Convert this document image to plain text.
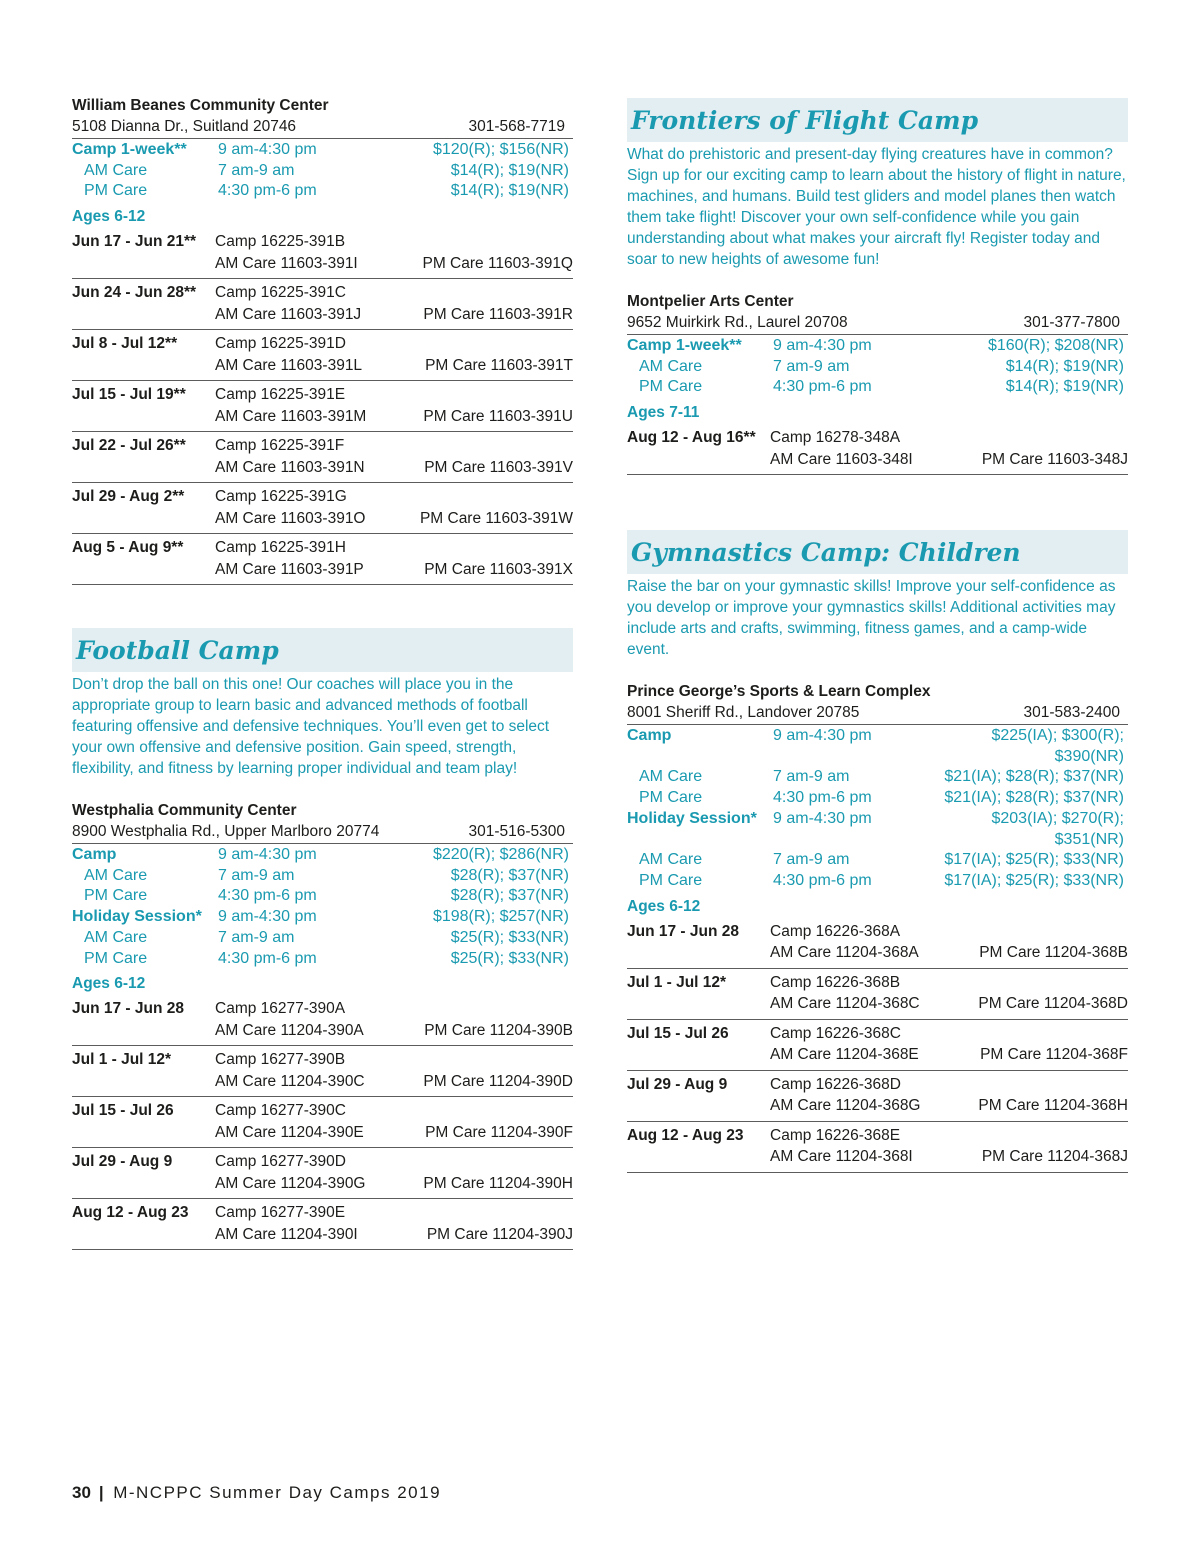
William Beanes Community Center
5108 Dianna Dr., Suitland 20746	301-568-7719
Camp 1-week**	9 am-4:30 pm	$120(R); $156(NR)
AM Care	7 am-9 am	$14(R); $19(NR)
PM Care	4:30 pm-6 pm	$14(R); $19(NR)
Ages 6-12
Jun 17 - Jun 21**	Camp 16225-391B
AM Care 11603-391I	PM Care 11603-391Q
Jun 24 - Jun 28**	Camp 16225-391C
AM Care 11603-391J	PM Care 11603-391R
Jul 8 - Jul 12**	Camp 16225-391D
AM Care 11603-391L	PM Care 11603-391T
Jul 15 - Jul 19**	Camp 16225-391E
AM Care 11603-391M	PM Care 11603-391U
Jul 22 - Jul 26**	Camp 16225-391F
AM Care 11603-391N	PM Care 11603-391V
Jul 29 - Aug 2**	Camp 16225-391G
AM Care 11603-391O	PM Care 11603-391W
Aug 5 - Aug 9**	Camp 16225-391H
AM Care 11603-391P	PM Care 11603-391X
Football Camp
Don’t drop the ball on this one! Our coaches will place you in the appropriate group to learn basic and advanced methods of football featuring offensive and defensive techniques. You’ll even get to select your own offensive and defensive position. Gain speed, strength, flexibility, and fitness by learning proper individual and team play!
Westphalia Community Center
8900 Westphalia Rd., Upper Marlboro 20774	301-516-5300
Camp	9 am-4:30 pm	$220(R); $286(NR)
AM Care	7 am-9 am	$28(R); $37(NR)
PM Care	4:30 pm-6 pm	$28(R); $37(NR)
Holiday Session*	9 am-4:30 pm	$198(R); $257(NR)
AM Care	7 am-9 am	$25(R); $33(NR)
PM Care	4:30 pm-6 pm	$25(R); $33(NR)
Ages 6-12
Jun 17 - Jun 28	Camp 16277-390A
AM Care 11204-390A	PM Care 11204-390B
Jul 1 - Jul 12*	Camp 16277-390B
AM Care 11204-390C	PM Care 11204-390D
Jul 15 - Jul 26	Camp 16277-390C
AM Care 11204-390E	PM Care 11204-390F
Jul 29 - Aug 9	Camp 16277-390D
AM Care 11204-390G	PM Care 11204-390H
Aug 12 - Aug 23	Camp 16277-390E
AM Care 11204-390I	PM Care 11204-390J
Frontiers of Flight Camp
What do prehistoric and present-day flying creatures have in common? Sign up for our exciting camp to learn about the history of flight in nature, machines, and humans. Build test gliders and model planes then watch them take flight! Discover your own self-confidence while you gain understanding about what makes your aircraft fly! Register today and soar to new heights of awesome fun!
Montpelier Arts Center
9652 Muirkirk Rd., Laurel 20708	301-377-7800
Camp 1-week**	9 am-4:30 pm	$160(R); $208(NR)
AM Care	7 am-9 am	$14(R); $19(NR)
PM Care	4:30 pm-6 pm	$14(R); $19(NR)
Ages 7-11
Aug 12 - Aug 16** Camp 16278-348A
AM Care 11603-348I	PM Care 11603-348J
Gymnastics Camp: Children
Raise the bar on your gymnastic skills! Improve your self-confidence as you develop or improve your gymnastics skills! Additional activities may include arts and crafts, swimming, fitness games, and a camp-wide event.
Prince George’s Sports & Learn Complex
8001 Sheriff Rd., Landover 20785	301-583-2400
Camp	9 am-4:30 pm	$225(IA); $300(R); $390(NR)
AM Care	7 am-9 am	$21(IA); $28(R); $37(NR)
PM Care	4:30 pm-6 pm	$21(IA); $28(R); $37(NR)
Holiday Session*	9 am-4:30 pm	$203(IA); $270(R); $351(NR)
AM Care	7 am-9 am	$17(IA); $25(R); $33(NR)
PM Care	4:30 pm-6 pm	$17(IA); $25(R); $33(NR)
Ages 6-12
Jun 17 - Jun 28	Camp 16226-368A
AM Care 11204-368A	PM Care 11204-368B
Jul 1 - Jul 12*	Camp 16226-368B
AM Care 11204-368C	PM Care 11204-368D
Jul 15 - Jul 26	Camp 16226-368C
AM Care 11204-368E	PM Care 11204-368F
Jul 29 - Aug 9	Camp 16226-368D
AM Care 11204-368G	PM Care 11204-368H
Aug 12 - Aug 23	Camp 16226-368E
AM Care 11204-368I	PM Care 11204-368J
30 | M-NCPPC Summer Day Camps 2019
